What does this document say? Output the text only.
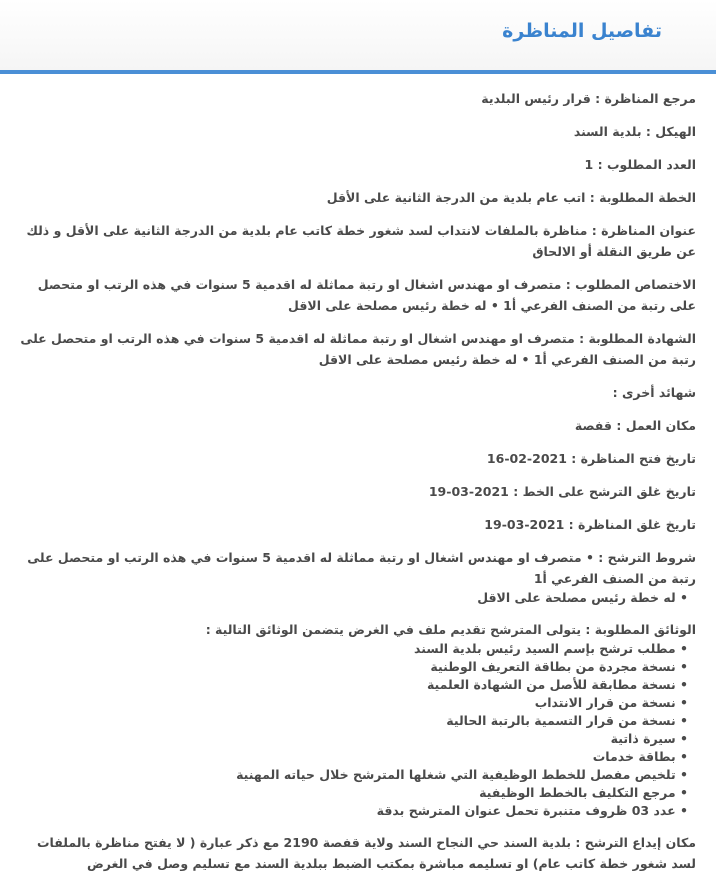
تفاصيل المناظرة
مرجع المناظرة : قرار رئيس البلدية
الهيكل : بلدية السند
العدد المطلوب : 1
الخطة المطلوبة : اتب عام بلدية من الدرجة الثانية على الأقل
عنوان المناظرة : مناظرة بالملفات لانتداب لسد شغور خطة كاتب عام بلدية من الدرجة الثانية على الأقل و ذلك عن طريق النقلة أو الالحاق
الاختصاص المطلوب : متصرف او مهندس اشغال او رتبة مماثلة له اقدمية 5 سنوات في هذه الرتب او متحصل على رتبة من الصنف الفرعي أ1 • له خطة رئيس مصلحة على الاقل
الشهادة المطلوبة : متصرف او مهندس اشغال او رتبة مماثلة له اقدمية 5 سنوات في هذه الرتب او متحصل على رتبة من الصنف الفرعي أ1 • له خطة رئيس مصلحة على الاقل
شهائد أخرى :
مكان العمل : قفصة
تاريخ فتح المناظرة : 2021-02-16
تاريخ غلق الترشح على الخط : 2021-03-19
تاريخ غلق المناظرة : 2021-03-19
شروط الترشح : • متصرف او مهندس اشغال او رتبة مماثلة له اقدمية 5 سنوات في هذه الرتب او متحصل على رتبة من الصنف الفرعي أ1
• له خطة رئيس مصلحة على الاقل
الوثائق المطلوبة : يتولى المترشح تقديم ملف في الغرض يتضمن الوثائق التالية :
• مطلب ترشح بإسم السيد رئيس بلدية السند
• نسخة مجردة من بطاقة التعريف الوطنية
• نسخة مطابقة للأصل من الشهادة العلمية
• نسخة من قرار الانتداب
• نسخة من قرار التسمية بالرتبة الحالية
• سيرة ذاتية
• بطاقة خدمات
• تلخيص مفصل للخطط الوظيفية التي شغلها المترشح خلال حياته المهنية
• مرجع التكليف بالخطط الوظيفية
• عدد 03 ظروف متنبرة تحمل عنوان المترشح بدقة
مكان إيداع الترشح : بلدية السند حي النجاح السند ولاية قفصة 2190 مع ذكر عبارة ( لا يفتح مناظرة بالملفات لسد شغور خطة كاتب عام) او تسليمه مباشرة بمكتب الضبط ببلدية السند مع تسليم وصل في الغرض
